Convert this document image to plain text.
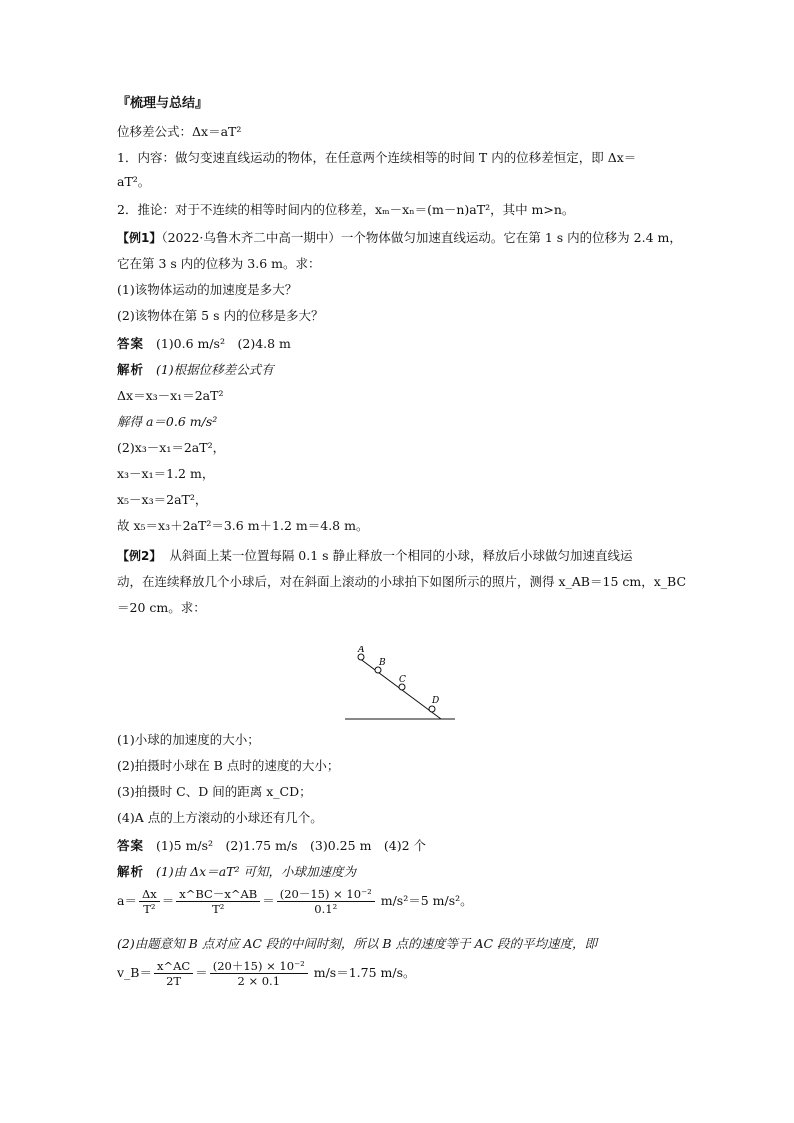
『梳理与总结』
位移差公式：Δx＝aT²
1．内容：做匀变速直线运动的物体，在任意两个连续相等的时间 T 内的位移差恒定，即 Δx＝
aT²。
2．推论：对于不连续的相等时间内的位移差，xₘ－xₙ＝(m－n)aT²，其中 m>n。
【例1】（2022·乌鲁木齐二中高一期中）一个物体做匀加速直线运动。它在第 1 s 内的位移为 2.4 m，
它在第 3 s 内的位移为 3.6 m。求：
(1)该物体运动的加速度是多大？
(2)该物体在第 5 s 内的位移是多大？
答案 (1)0.6 m/s²　(2)4.8 m
解析 (1)根据位移差公式有
Δx＝x₃－x₁＝2aT²
解得 a＝0.6 m/s²
(2)x₃－x₁＝2aT²，
x₃－x₁＝1.2 m，
x₅－x₃＝2aT²，
故 x₅＝x₃＋2aT²＝3.6 m＋1.2 m＝4.8 m。
【例2】 从斜面上某一位置每隔 0.1 s 静止释放一个相同的小球，释放后小球做匀加速直线运
动，在连续释放几个小球后，对在斜面上滚动的小球拍下如图所示的照片，测得 x_AB＝15 cm，x_BC
＝20 cm。求：
A
B
C
D
(1)小球的加速度的大小；
(2)拍摄时小球在 B 点时的速度的大小；
(3)拍摄时 C、D 间的距离 x_CD；
(4)A 点的上方滚动的小球还有几个。
答案 (1)5 m/s²　(2)1.75 m/s　(3)0.25 m　(4)2 个
解析 (1)由 Δx＝aT² 可知，小球加速度为
$a= \frac{\Delta x}{\text{T²}} = \frac{x\^{}BC-x\^{}AB}{\text{T²}} = \frac{\text{(20－15) × 10⁻²}}{\text{0.1²}} m/s^2=5$ m/s²。
(2)由题意知 B 点对应 AC 段的中间时刻，所以 B 点的速度等于 AC 段的平均速度，即
v_B＝ $\frac{x\^{}AC}{2T} = \frac{\text{(20＋15) × 10⁻²}}{2 \times 0.1} m/s=1.75$ m/s。
